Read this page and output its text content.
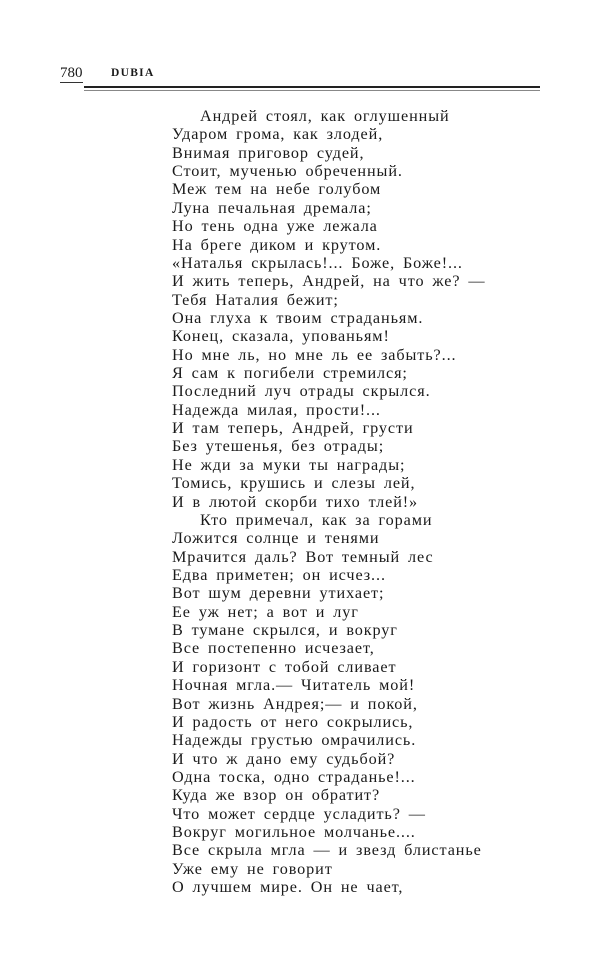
780 DUBIA
Андрей стоял, как оглушенный
Ударом грома, как злодей,
Внимая приговор судей,
Стоит, мученью обреченный.
Меж тем на небе голубом
Луна печальная дремала;
Но тень одна уже лежала
На бреге диком и крутом.
«Наталья скрылась!... Боже, Боже!...
И жить теперь, Андрей, на что же? —
Тебя Наталия бежит;
Она глуха к твоим страданьям.
Конец, сказала, упованьям!
Но мне ль, но мне ль ее забыть?...
Я сам к погибели стремился;
Последний луч отрады скрылся.
Надежда милая, прости!...
И там теперь, Андрей, грусти
Без утешенья, без отрады;
Не жди за муки ты награды;
Томись, крушись и слезы лей,
И в лютой скорби тихо тлей!»
Кто примечал, как за горами
Ложится солнце и тенями
Мрачится даль? Вот темный лес
Едва приметен; он исчез...
Вот шум деревни утихает;
Ее уж нет; а вот и луг
В тумане скрылся, и вокруг
Все постепенно исчезает,
И горизонт с тобой сливает
Ночная мгла.— Читатель мой!
Вот жизнь Андрея;— и покой,
И радость от него сокрылись,
Надежды грустью омрачились.
И что ж дано ему судьбой?
Одна тоска, одно страданье!...
Куда же взор он обратит?
Что может сердце усладить? —
Вокруг могильное молчанье....
Все скрыла мгла — и звезд блистанье
Уже ему не говорит
О лучшем мире. Он не чает,
